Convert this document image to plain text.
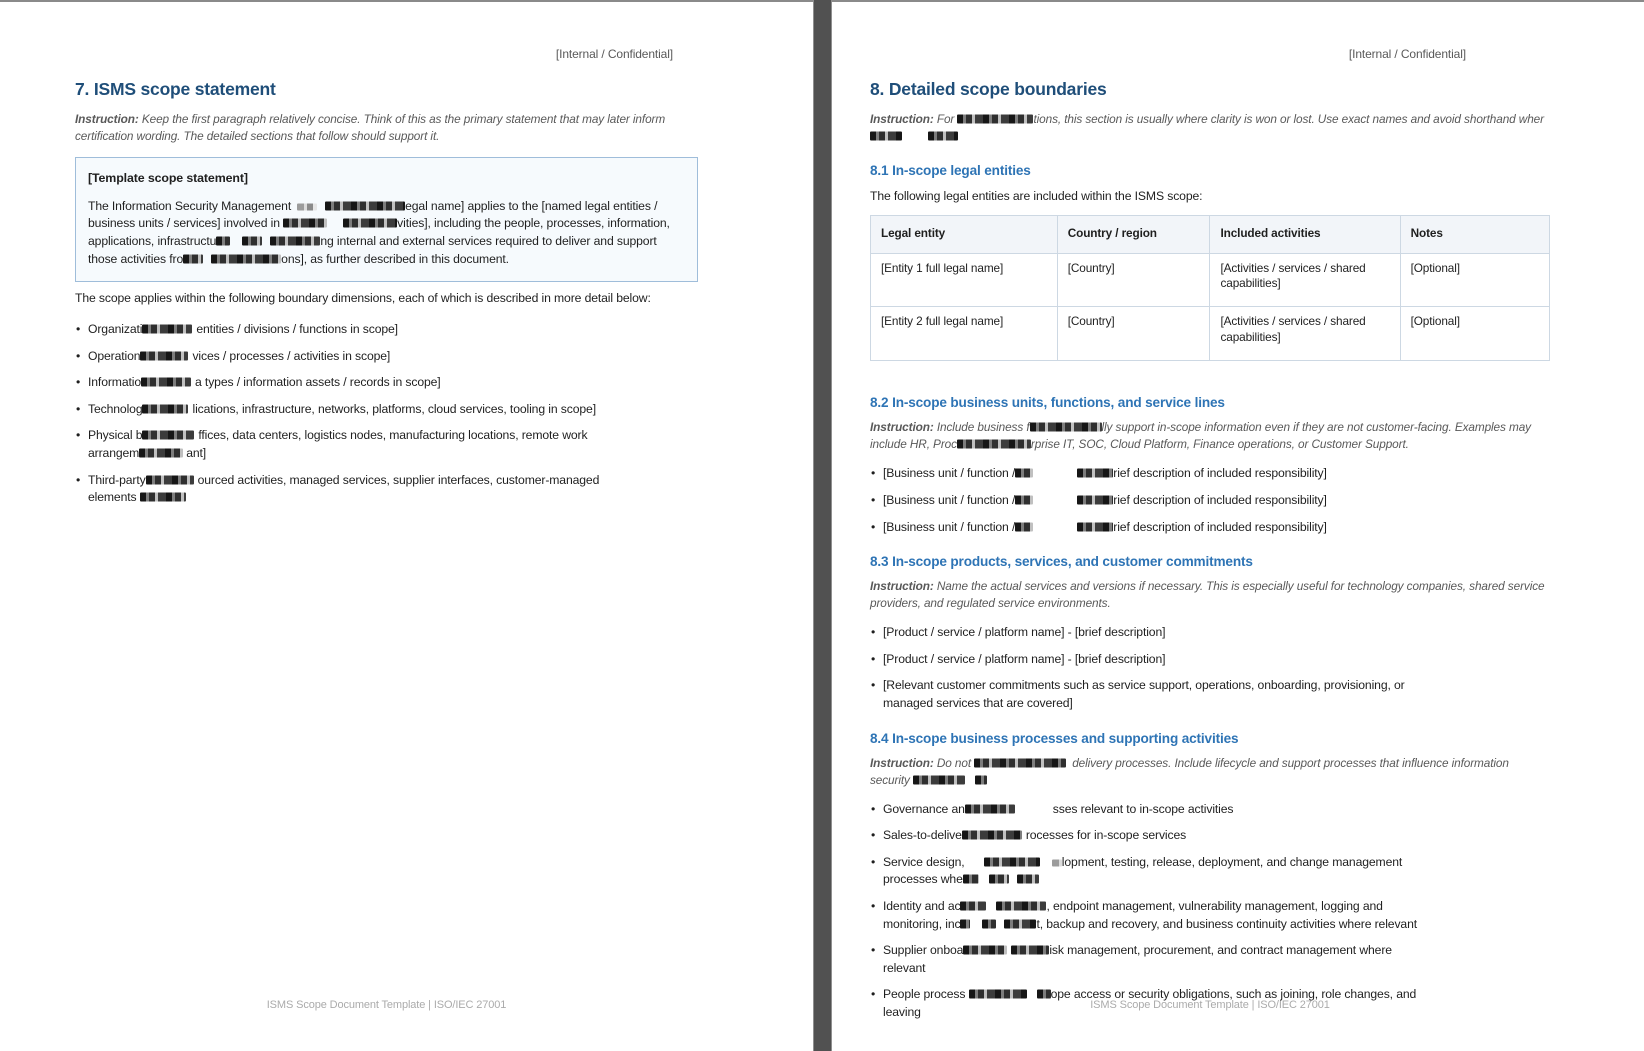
[Internal / Confidential]
7. ISMS scope statement

Instruction: Keep the first paragraph relatively concise. Think of this as the primary statement that may later inform certification wording. The detailed sections that follow should support it.

[Template scope statement]
The Information Security Management	egal name] applies to the [named legal entities / business units / services] involved in	vities], including the people, processes, information, applications, infrastructu	ng internal and external services required to deliver and support those activities fro	ons], as further described in this document.

The scope applies within the following boundary dimensions, each of which is described in more detail below:

• Organizati	entities / divisions / functions in scope]
• Operation	vices / processes / activities in scope]
• Informatio	a types / information assets / records in scope]
• Technolog	lications, infrastructure, networks, platforms, cloud services, tooling in scope]
• Physical b	ffices, data centers, logistics nodes, manufacturing locations, remote work
arrangem	ant]
• Third-party	ourced activities, managed services, supplier interfaces, customer-managed
elements
ISMS Scope Document Template | ISO/IEC 27001
[Internal / Confidential]
8. Detailed scope boundaries

Instruction: For	tions, this section is usually where clarity is won or lost. Use exact names and avoid shorthand wher

8.1 In-scope legal entities

The following legal entities are included within the ISMS scope:

Legal entity	Country / region	Included activities	Notes
[Entity 1 full legal name]	[Country]	[Activities / services / shared capabilities]	[Optional]
[Entity 2 full legal name]	[Country]	[Activities / services / shared capabilities]	[Optional]
8.2 In-scope business units, functions, and service lines

Instruction: Include business f	lly support in-scope information even if they are not customer-facing. Examples may include HR, Proc	rprise IT, SOC, Cloud Platform, Finance operations, or Customer Support.

• [Business unit / function /	rief description of included responsibility]
• [Business unit / function /	rief description of included responsibility]
• [Business unit / function /	rief description of included responsibility]
8.3 In-scope products, services, and customer commitments

Instruction: Name the actual services and versions if necessary. This is especially useful for technology companies, shared service providers, and regulated service environments.

• [Product / service / platform name] - [brief description]
• [Product / service / platform name] - [brief description]
• [Relevant customer commitments such as service support, operations, onboarding, provisioning, or
managed services that are covered]
8.4 In-scope business processes and supporting activities

Instruction: Do not	delivery processes. Include lifecycle and support processes that influence information security

• Governance an	sses relevant to in-scope activities
• Sales-to-delive	rocesses for in-scope services
• Service design,	lopment, testing, release, deployment, and change management
processes whe
• Identity and ac	, endpoint management, vulnerability management, logging and
monitoring, inc	t, backup and recovery, and business continuity activities where relevant
• Supplier onboa	isk management, procurement, and contract management where
relevant
• People process	ope access or security obligations, such as joining, role changes, and
leaving
ISMS Scope Document Template | ISO/IEC 27001
